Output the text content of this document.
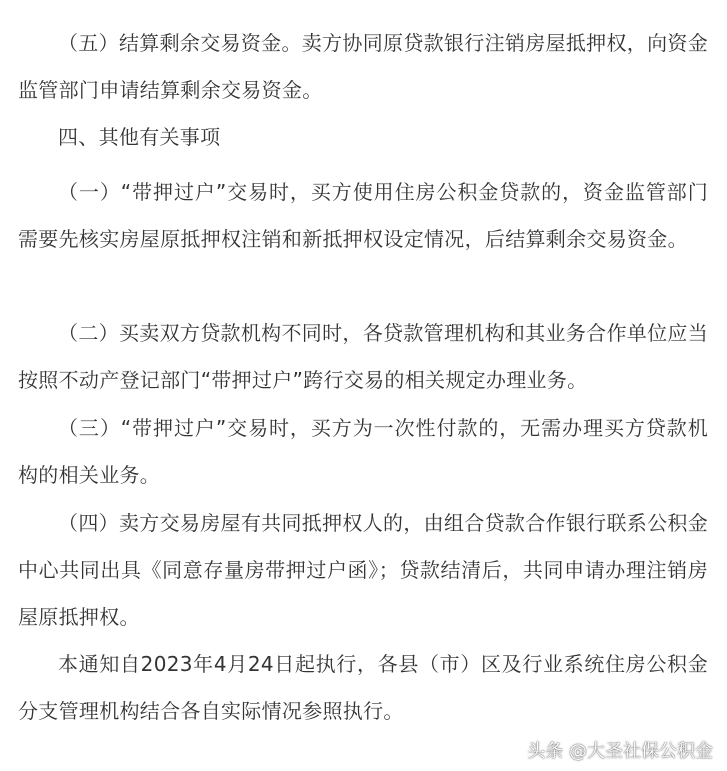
（五）结算剩余交易资金。卖方协同原贷款银行注销房屋抵押权，向资金监管部门申请结算剩余交易资金。

四、其他有关事项

（一）“带押过户”交易时，买方使用住房公积金贷款的，资金监管部门需要先核实房屋原抵押权注销和新抵押权设定情况，后结算剩余交易资金。

（二）买卖双方贷款机构不同时，各贷款管理机构和其业务合作单位应当按照不动产登记部门“带押过户”跨行交易的相关规定办理业务。

（三）“带押过户”交易时，买方为一次性付款的，无需办理买方贷款机构的相关业务。

（四）卖方交易房屋有共同抵押权人的，由组合贷款合作银行联系公积金中心共同出具《同意存量房带押过户函》；贷款结清后，共同申请办理注销房屋原抵押权。

本通知自2023年4月24日起执行，各县（市）区及行业系统住房公积金分支管理机构结合各自实际情况参照执行。

头条 @大圣社保公积金
